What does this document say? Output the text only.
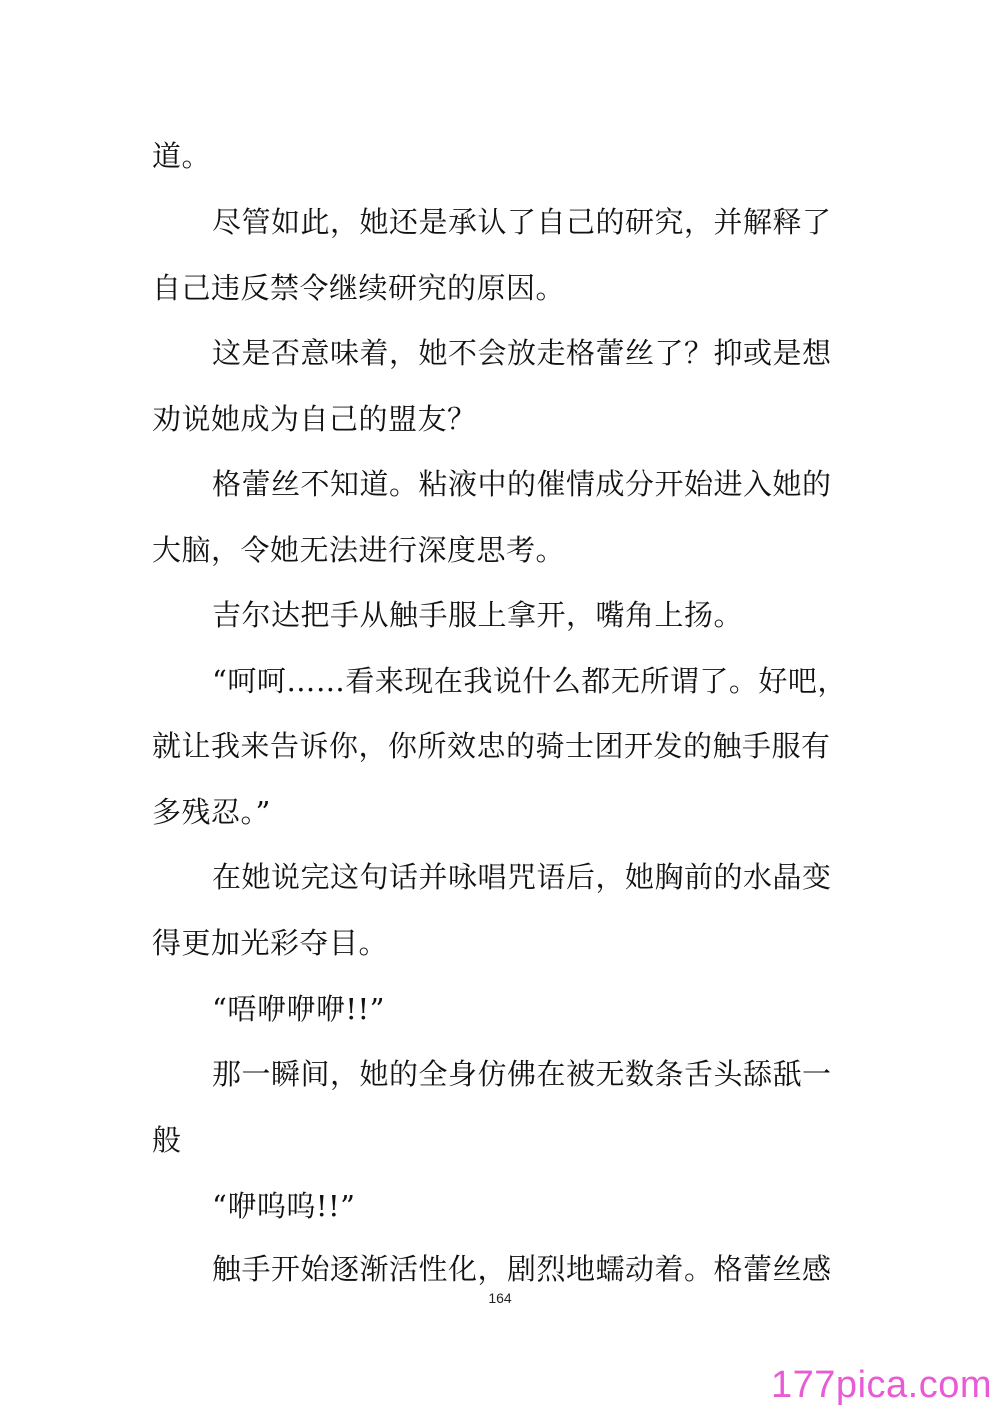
道。
尽管如此，她还是承认了自己的研究，并解释了
自己违反禁令继续研究的原因。
这是否意味着，她不会放走格蕾丝了？抑或是想
劝说她成为自己的盟友？
格蕾丝不知道。粘液中的催情成分开始进入她的
大脑，令她无法进行深度思考。
吉尔达把手从触手服上拿开，嘴角上扬。
“呵呵……看来现在我说什么都无所谓了。好吧，
就让我来告诉你，你所效忠的骑士团开发的触手服有
多残忍。”
在她说完这句话并咏唱咒语后，她胸前的水晶变
得更加光彩夺目。
“唔咿咿咿!!”
那一瞬间，她的全身仿佛在被无数条舌头舔舐一
般
“咿呜呜!!”
触手开始逐渐活性化，剧烈地蠕动着。格蕾丝感
164
177pica.com
